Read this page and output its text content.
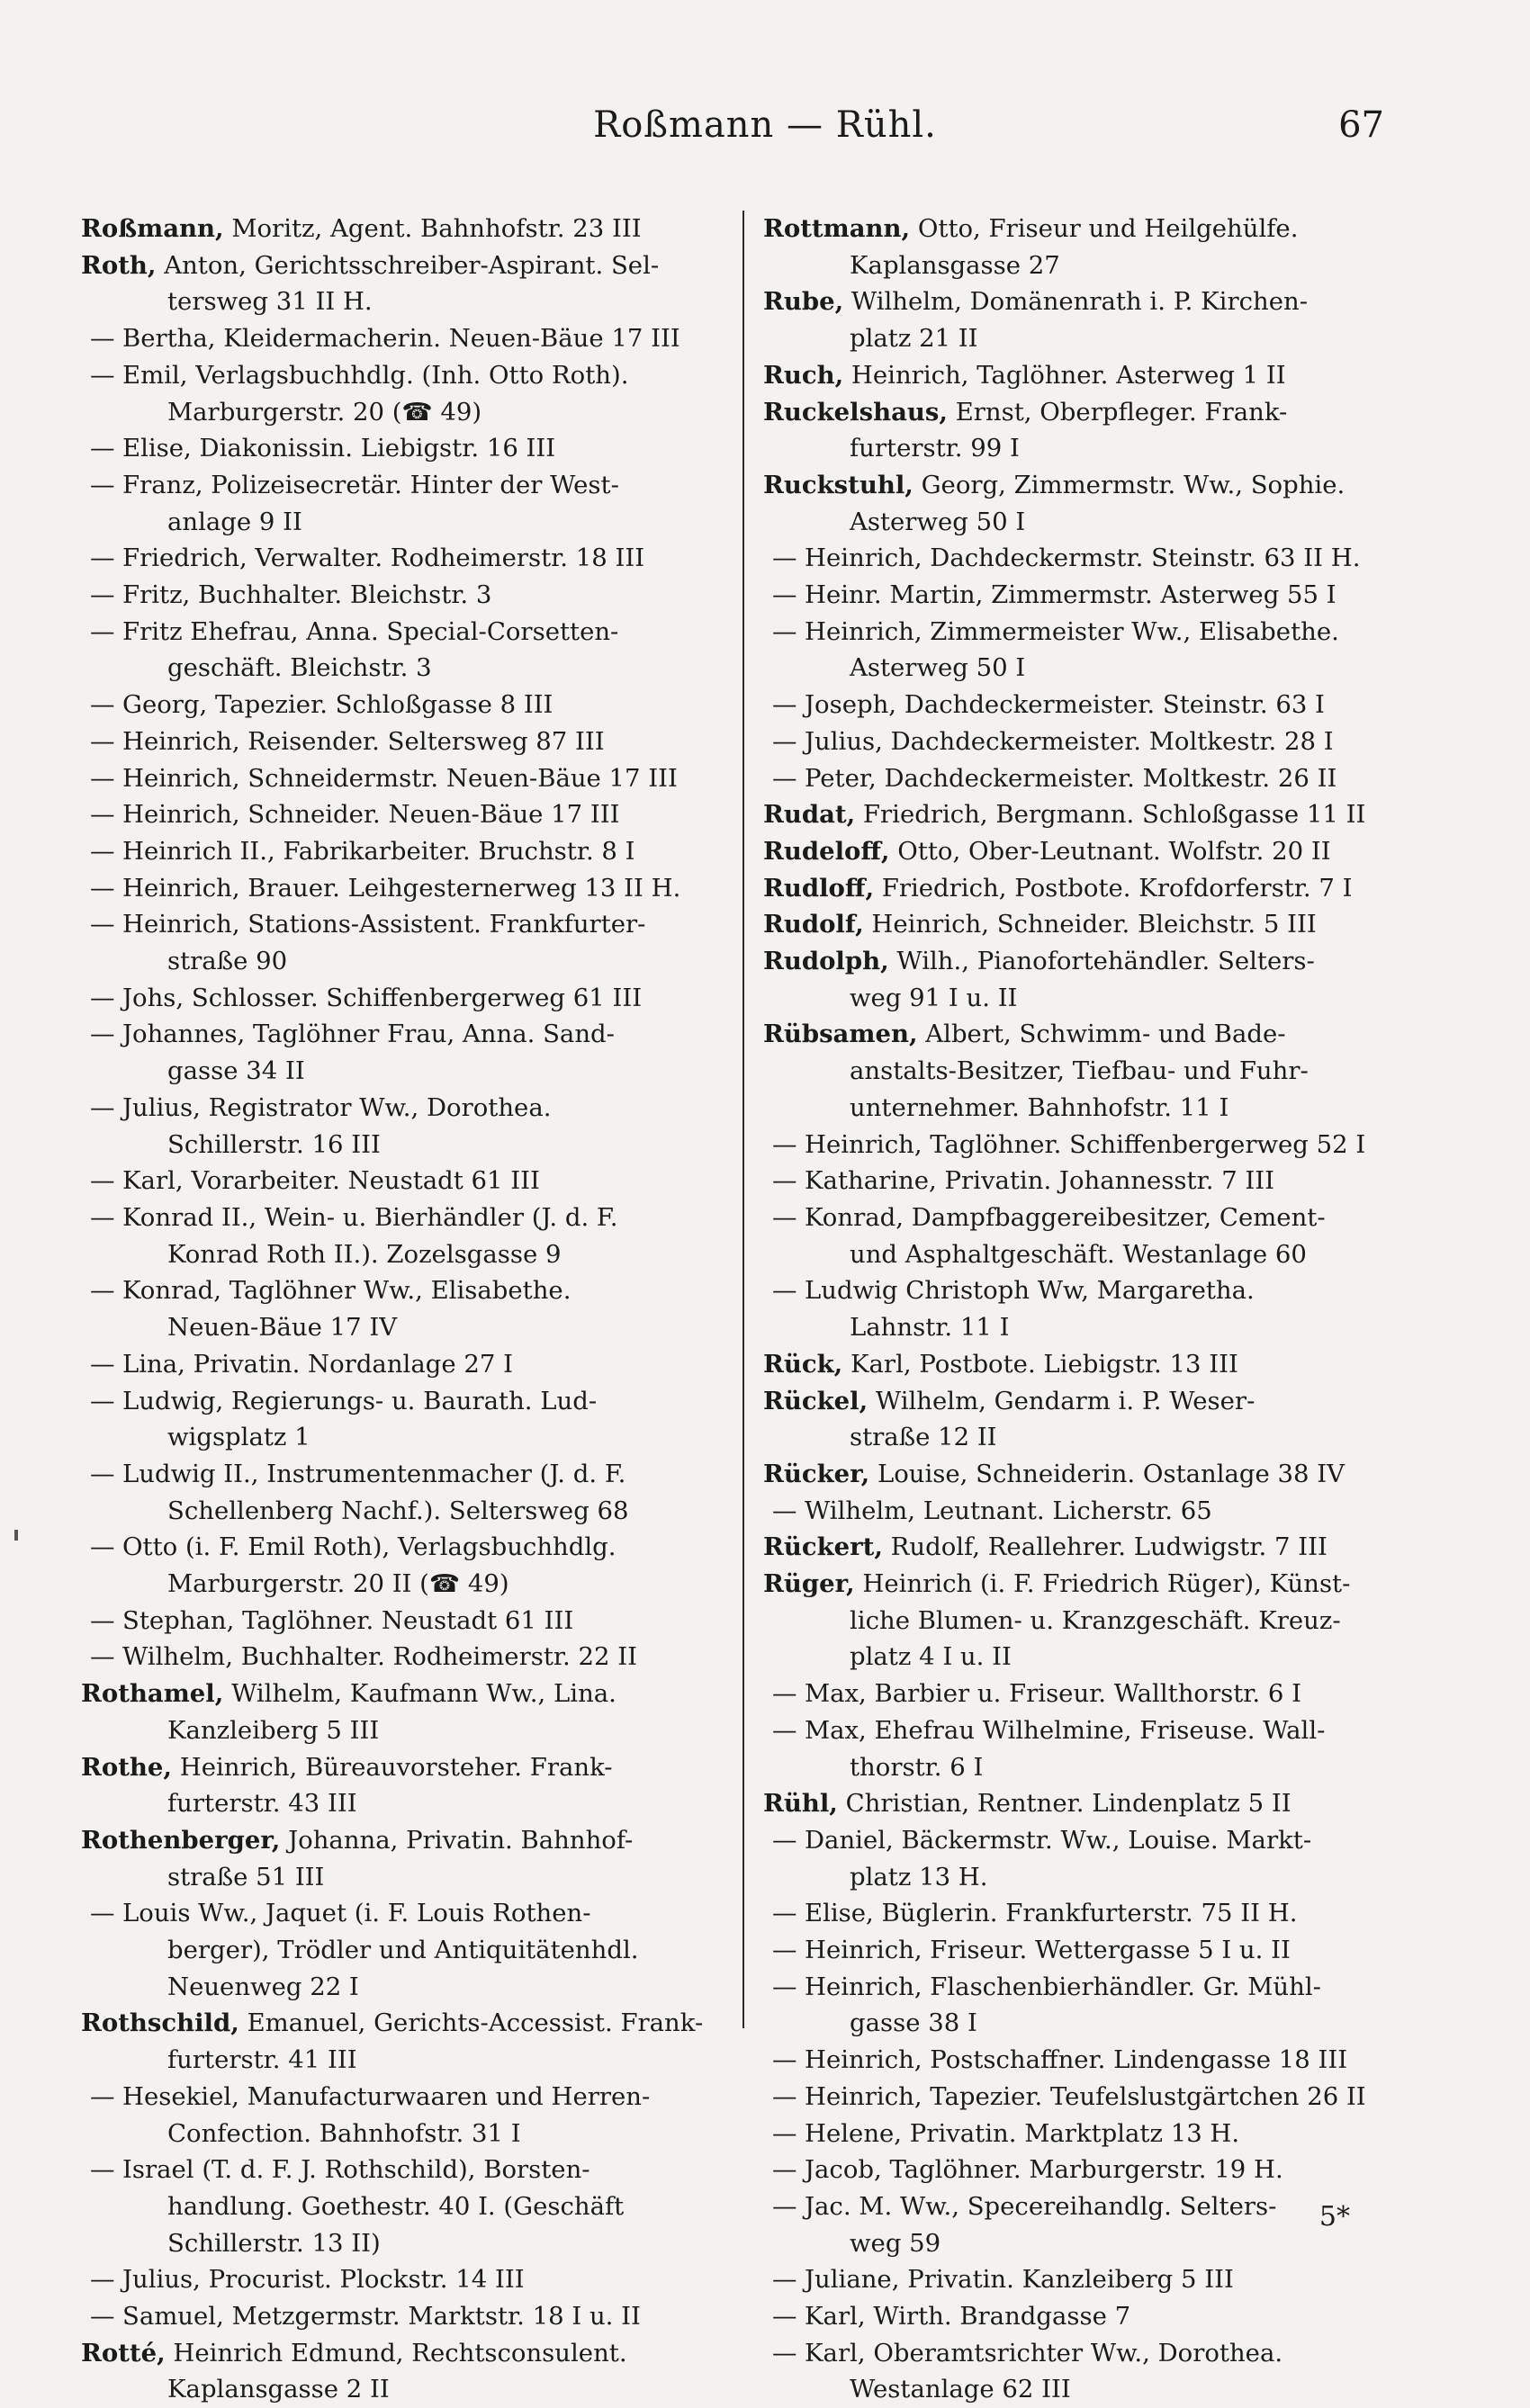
Roßmann — Rühl.	67
Roßmann, Moritz, Agent. Bahnhofstr. 23 III
Roth, Anton, Gerichtsschreiber-Aspirant. Sel-
tersweg 31 II H.
— Bertha, Kleidermacherin. Neuen-Bäue 17 III
— Emil, Verlagsbuchhdlg. (Inh. Otto Roth).
Marburgerstr. 20 (☎ 49)
— Elise, Diakonissin. Liebigstr. 16 III
— Franz, Polizeisecretär. Hinter der West-
anlage 9 II
— Friedrich, Verwalter. Rodheimerstr. 18 III
— Fritz, Buchhalter. Bleichstr. 3
— Fritz Ehefrau, Anna. Special-Corsetten-
geschäft. Bleichstr. 3
— Georg, Tapezier. Schloßgasse 8 III
— Heinrich, Reisender. Seltersweg 87 III
— Heinrich, Schneidermstr. Neuen-Bäue 17 III
— Heinrich, Schneider. Neuen-Bäue 17 III
— Heinrich II., Fabrikarbeiter. Bruchstr. 8 I
— Heinrich, Brauer. Leihgesternerweg 13 II H.
— Heinrich, Stations-Assistent. Frankfurter-
straße 90
— Johs, Schlosser. Schiffenbergerweg 61 III
— Johannes, Taglöhner Frau, Anna. Sand-
gasse 34 II
— Julius, Registrator Ww., Dorothea.
Schillerstr. 16 III
— Karl, Vorarbeiter. Neustadt 61 III
— Konrad II., Wein- u. Bierhändler (J. d. F.
Konrad Roth II.). Zozelsgasse 9
— Konrad, Taglöhner Ww., Elisabethe.
Neuen-Bäue 17 IV
— Lina, Privatin. Nordanlage 27 I
— Ludwig, Regierungs- u. Baurath. Lud-
wigsplatz 1
— Ludwig II., Instrumentenmacher (J. d. F.
Schellenberg Nachf.). Seltersweg 68
— Otto (i. F. Emil Roth), Verlagsbuchhdlg.
Marburgerstr. 20 II (☎ 49)
— Stephan, Taglöhner. Neustadt 61 III
— Wilhelm, Buchhalter. Rodheimerstr. 22 II
Rothamel, Wilhelm, Kaufmann Ww., Lina.
Kanzleiberg 5 III
Rothe, Heinrich, Büreauvorsteher. Frank-
furterstr. 43 III
Rothenberger, Johanna, Privatin. Bahnhof-
straße 51 III
— Louis Ww., Jaquet (i. F. Louis Rothen-
berger), Trödler und Antiquitätenhdl.
Neuenweg 22 I
Rothschild, Emanuel, Gerichts-Accessist. Frank-
furterstr. 41 III
— Hesekiel, Manufacturwaaren und Herren-
Confection. Bahnhofstr. 31 I
— Israel (T. d. F. J. Rothschild), Borsten-
handlung. Goethestr. 40 I. (Geschäft
Schillerstr. 13 II)
— Julius, Procurist. Plockstr. 14 III
— Samuel, Metzgermstr. Marktstr. 18 I u. II
Rotté, Heinrich Edmund, Rechtsconsulent.
Kaplansgasse 2 II
Rottmann, Otto, Friseur und Heilgehülfe.
Kaplansgasse 27
Rube, Wilhelm, Domänenrath i. P. Kirchen-
platz 21 II
Ruch, Heinrich, Taglöhner. Asterweg 1 II
Ruckelshaus, Ernst, Oberpfleger. Frank-
furterstr. 99 I
Ruckstuhl, Georg, Zimmermstr. Ww., Sophie.
Asterweg 50 I
— Heinrich, Dachdeckermstr. Steinstr. 63 II H.
— Heinr. Martin, Zimmermstr. Asterweg 55 I
— Heinrich, Zimmermeister Ww., Elisabethe.
Asterweg 50 I
— Joseph, Dachdeckermeister. Steinstr. 63 I
— Julius, Dachdeckermeister. Moltkestr. 28 I
— Peter, Dachdeckermeister. Moltkestr. 26 II
Rudat, Friedrich, Bergmann. Schloßgasse 11 II
Rudeloff, Otto, Ober-Leutnant. Wolfstr. 20 II
Rudloff, Friedrich, Postbote. Krofdorferstr. 7 I
Rudolf, Heinrich, Schneider. Bleichstr. 5 III
Rudolph, Wilh., Pianofortehändler. Selters-
weg 91 I u. II
Rübsamen, Albert, Schwimm- und Bade-
anstalts-Besitzer, Tiefbau- und Fuhr-
unternehmer. Bahnhofstr. 11 I
— Heinrich, Taglöhner. Schiffenbergerweg 52 I
— Katharine, Privatin. Johannesstr. 7 III
— Konrad, Dampfbaggereibesitzer, Cement-
und Asphaltgeschäft. Westanlage 60
— Ludwig Christoph Ww, Margaretha.
Lahnstr. 11 I
Rück, Karl, Postbote. Liebigstr. 13 III
Rückel, Wilhelm, Gendarm i. P. Weser-
straße 12 II
Rücker, Louise, Schneiderin. Ostanlage 38 IV
— Wilhelm, Leutnant. Licherstr. 65
Rückert, Rudolf, Reallehrer. Ludwigstr. 7 III
Rüger, Heinrich (i. F. Friedrich Rüger), Künst-
liche Blumen- u. Kranzgeschäft. Kreuz-
platz 4 I u. II
— Max, Barbier u. Friseur. Wallthorstr. 6 I
— Max, Ehefrau Wilhelmine, Friseuse. Wall-
thorstr. 6 I
Rühl, Christian, Rentner. Lindenplatz 5 II
— Daniel, Bäckermstr. Ww., Louise. Markt-
platz 13 H.
— Elise, Büglerin. Frankfurterstr. 75 II H.
— Heinrich, Friseur. Wettergasse 5 I u. II
— Heinrich, Flaschenbierhändler. Gr. Mühl-
gasse 38 I
— Heinrich, Postschaffner. Lindengasse 18 III
— Heinrich, Tapezier. Teufelslustgärtchen 26 II
— Helene, Privatin. Marktplatz 13 H.
— Jacob, Taglöhner. Marburgerstr. 19 H.
— Jac. M. Ww., Specereihandlg. Selters-
weg 59
— Juliane, Privatin. Kanzleiberg 5 III
— Karl, Wirth. Brandgasse 7
— Karl, Oberamtsrichter Ww., Dorothea.
Westanlage 62 III
5*
